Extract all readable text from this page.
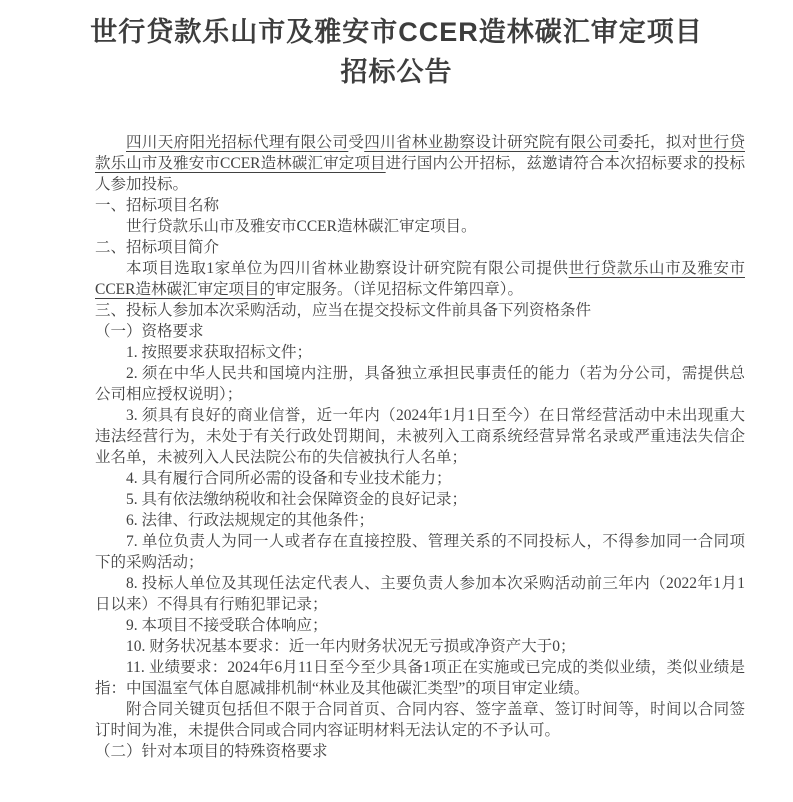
世行贷款乐山市及雅安市CCER造林碳汇审定项目
招标公告

四川天府阳光招标代理有限公司受四川省林业勘察设计研究院有限公司委托，拟对世行贷款乐山市及雅安市CCER造林碳汇审定项目进行国内公开招标，兹邀请符合本次招标要求的投标人参加投标。

一、招标项目名称

世行贷款乐山市及雅安市CCER造林碳汇审定项目。

二、招标项目简介

本项目选取1家单位为四川省林业勘察设计研究院有限公司提供世行贷款乐山市及雅安市CCER造林碳汇审定项目的审定服务。（详见招标文件第四章）。

三、投标人参加本次采购活动，应当在提交投标文件前具备下列资格条件

（一）资格要求

1. 按照要求获取招标文件；

2. 须在中华人民共和国境内注册，具备独立承担民事责任的能力（若为分公司，需提供总公司相应授权说明）；

3. 须具有良好的商业信誉，近一年内（2024年1月1日至今）在日常经营活动中未出现重大违法经营行为，未处于有关行政处罚期间，未被列入工商系统经营异常名录或严重违法失信企业名单，未被列入人民法院公布的失信被执行人名单；

4. 具有履行合同所必需的设备和专业技术能力；

5. 具有依法缴纳税收和社会保障资金的良好记录；

6. 法律、行政法规规定的其他条件；

7. 单位负责人为同一人或者存在直接控股、管理关系的不同投标人，不得参加同一合同项下的采购活动；

8. 投标人单位及其现任法定代表人、主要负责人参加本次采购活动前三年内（2022年1月1日以来）不得具有行贿犯罪记录；

9. 本项目不接受联合体响应；

10. 财务状况基本要求：近一年内财务状况无亏损或净资产大于0；

11. 业绩要求：2024年6月11日至今至少具备1项正在实施或已完成的类似业绩，类似业绩是指：中国温室气体自愿减排机制“林业及其他碳汇类型”的项目审定业绩。

附合同关键页包括但不限于合同首页、合同内容、签字盖章、签订时间等，时间以合同签订时间为准，未提供合同或合同内容证明材料无法认定的不予认可。

（二）针对本项目的特殊资格要求
